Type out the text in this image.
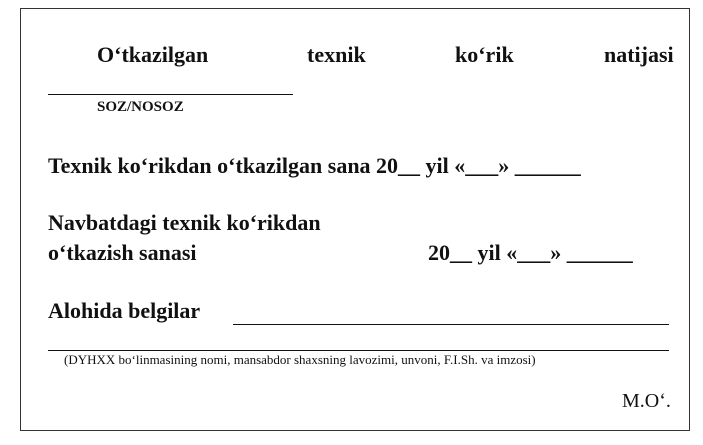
O‘tkazilgan	texnik	ko‘rik	natijasi
SOZ/NOSOZ
Texnik ko‘rikdan o‘tkazilgan sana 20__ yil «___» ______
Navbatdagi texnik ko‘rikdan
o‘tkazish sanasi	20__ yil «___» ______
Alohida belgilar
(DYHXX bo‘linmasining nomi, mansabdor shaxsning lavozimi, unvoni, F.I.Sh. va imzosi)
M.O‘.
